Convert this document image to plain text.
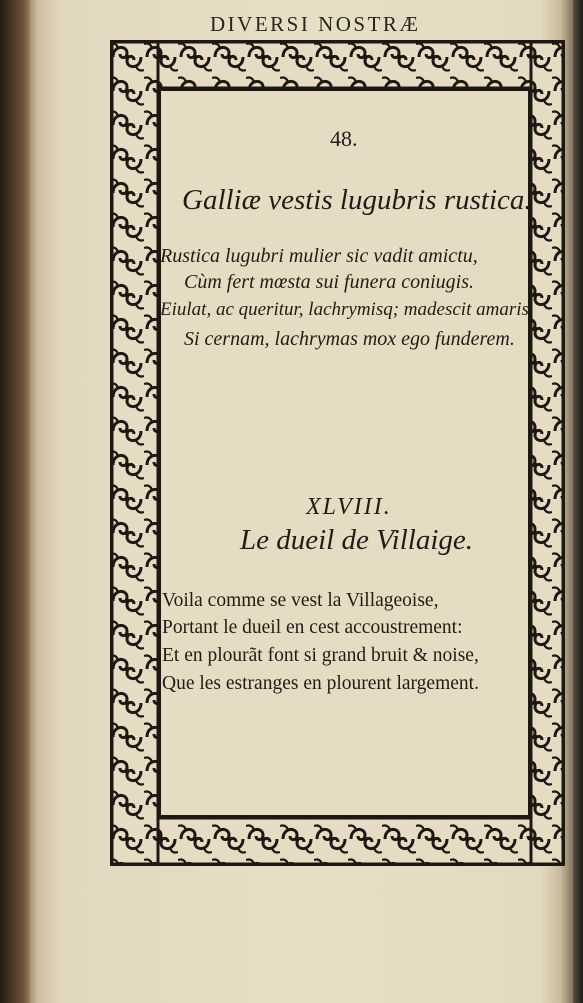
DIVERSI NOSTRÆ
48.
Galliæ vestis lugubris rustica.
Rustica lugubri mulier sic vadit amictu,
Cùm fert mœsta sui funera coniugis.
Eiulat, ac queritur, lachrymisq; madescit amaris
Si cernam, lachrymas mox ego funderem.
XLVIII.
Le dueil de Villaige.
Voila comme se vest la Villageoise,
Portant le dueil en cest accoustrement:
Et en plourãt font si grand bruit & noise,
Que les estranges en plourent largement.
